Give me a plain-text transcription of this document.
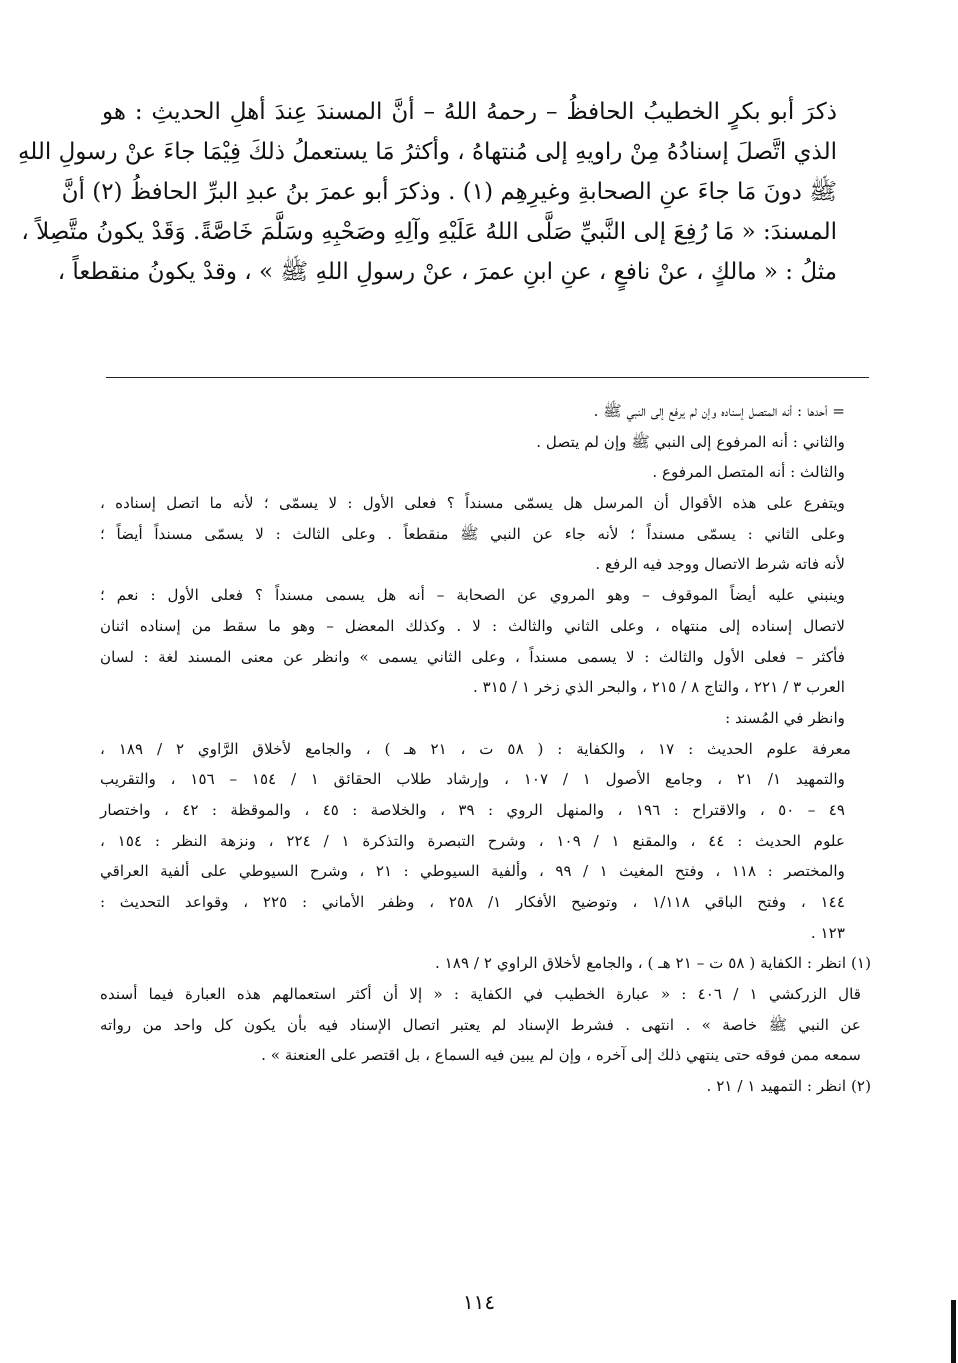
ذكرَ أبو بكرٍ الخطيبُ الحافظُ – رحمهُ اللهُ – أنَّ المسندَ عِندَ أهلِ الحديثِ : هو
الذي اتَّصلَ إسنادُهُ مِنْ راويهِ إلى مُنتهاهُ ، وأكثرُ مَا يستعملُ ذلكَ فِيْمَا جاءَ عنْ رسولِ اللهِ
ﷺ دونَ مَا جاءَ عنِ الصحابةِ وغيرِهِم (١) . وذكرَ أبو عمرَ بنُ عبدِ البرِّ الحافظُ (٢) أنَّ
المسندَ: « مَا رُفِعَ إلى النَّبيِّ صَلَّى اللهُ عَلَيْهِ وآلِهِ وصَحْبِهِ وسَلَّمَ خَاصَّةً. وَقَدْ يكونُ متَّصِلاً ،
مثلُ : « مالكٍ ، عنْ نافعٍ ، عنِ ابنِ عمرَ ، عنْ رسولِ اللهِ ﷺ » ، وقدْ يكونُ منقطعاً ،
= أحدها : أنه المتصل إسناده وإن لم يرفع إلى النبي ﷺ .
والثاني : أنه المرفوع إلى النبي ﷺ وإن لم يتصل .
والثالث : أنه المتصل المرفوع .
ويتفرع على هذه الأقوال أن المرسل هل يسمّى مسنداً ؟ فعلى الأول : لا يسمّى ؛ لأنه ما اتصل إسناده ،
وعلى الثاني : يسمّى مسنداً ؛ لأنه جاء عن النبي ﷺ منقطعاً . وعلى الثالث : لا يسمّى مسنداً أيضاً ؛
لأنه فاته شرط الاتصال ووجد فيه الرفع .
وينبني عليه أيضاً الموقوف – وهو المروي عن الصحابة – أنه هل يسمى مسنداً ؟ فعلى الأول : نعم ؛
لاتصال إسناده إلى منتهاه ، وعلى الثاني والثالث : لا . وكذلك المعضل – وهو ما سقط من إسناده اثنان
فأكثر – فعلى الأول والثالث : لا يسمى مسنداً ، وعلى الثاني يسمى » وانظر عن معنى المسند لغة : لسان
العرب ٣ / ٢٢١ ، والتاج ٨ / ٢١٥ ، والبحر الذي زخر ١ / ٣١٥ .
وانظر في المُسند :
معرفة علوم الحديث : ١٧ ، والكفاية : ( ٥٨ ت ، ٢١ هـ ) ، والجامع لأخلاق الرَّاوي ٢ / ١٨٩ ،
والتمهيد ١/ ٢١ ، وجامع الأصول ١ / ١٠٧ ، وإرشاد طلاب الحقائق ١ / ١٥٤ – ١٥٦ ، والتقريب
٤٩ – ٥٠ ، والاقتراح : ١٩٦ ، والمنهل الروي : ٣٩ ، والخلاصة : ٤٥ ، والموقظة : ٤٢ ، واختصار
علوم الحديث : ٤٤ ، والمقنع ١ / ١٠٩ ، وشرح التبصرة والتذكرة ١ / ٢٢٤ ، ونزهة النظر : ١٥٤ ،
والمختصر : ١١٨ ، وفتح المغيث ١ / ٩٩ ، وألفية السيوطي : ٢١ ، وشرح السيوطي على ألفية العراقي
١٤٤ ، وفتح الباقي ١/١١٨ ، وتوضيح الأفكار ١/ ٢٥٨ ، وظفر الأماني : ٢٢٥ ، وقواعد التحديث :
١٢٣ .
(١) انظر : الكفاية ( ٥٨ ت – ٢١ هـ ) ، والجامع لأخلاق الراوي ٢ / ١٨٩ .
قال الزركشي ١ / ٤٠٦ : « عبارة الخطيب في الكفاية : « إلا أن أكثر استعمالهم هذه العبارة فيما أسنده
عن النبي ﷺ خاصة » . انتهى . فشرط الإسناد لم يعتبر اتصال الإسناد فيه بأن يكون كل واحد من رواته
سمعه ممن فوقه حتى ينتهي ذلك إلى آخره ، وإن لم يبين فيه السماع ، بل اقتصر على العنعنة » .
(٢) انظر : التمهيد ١ / ٢١ .
١١٤
